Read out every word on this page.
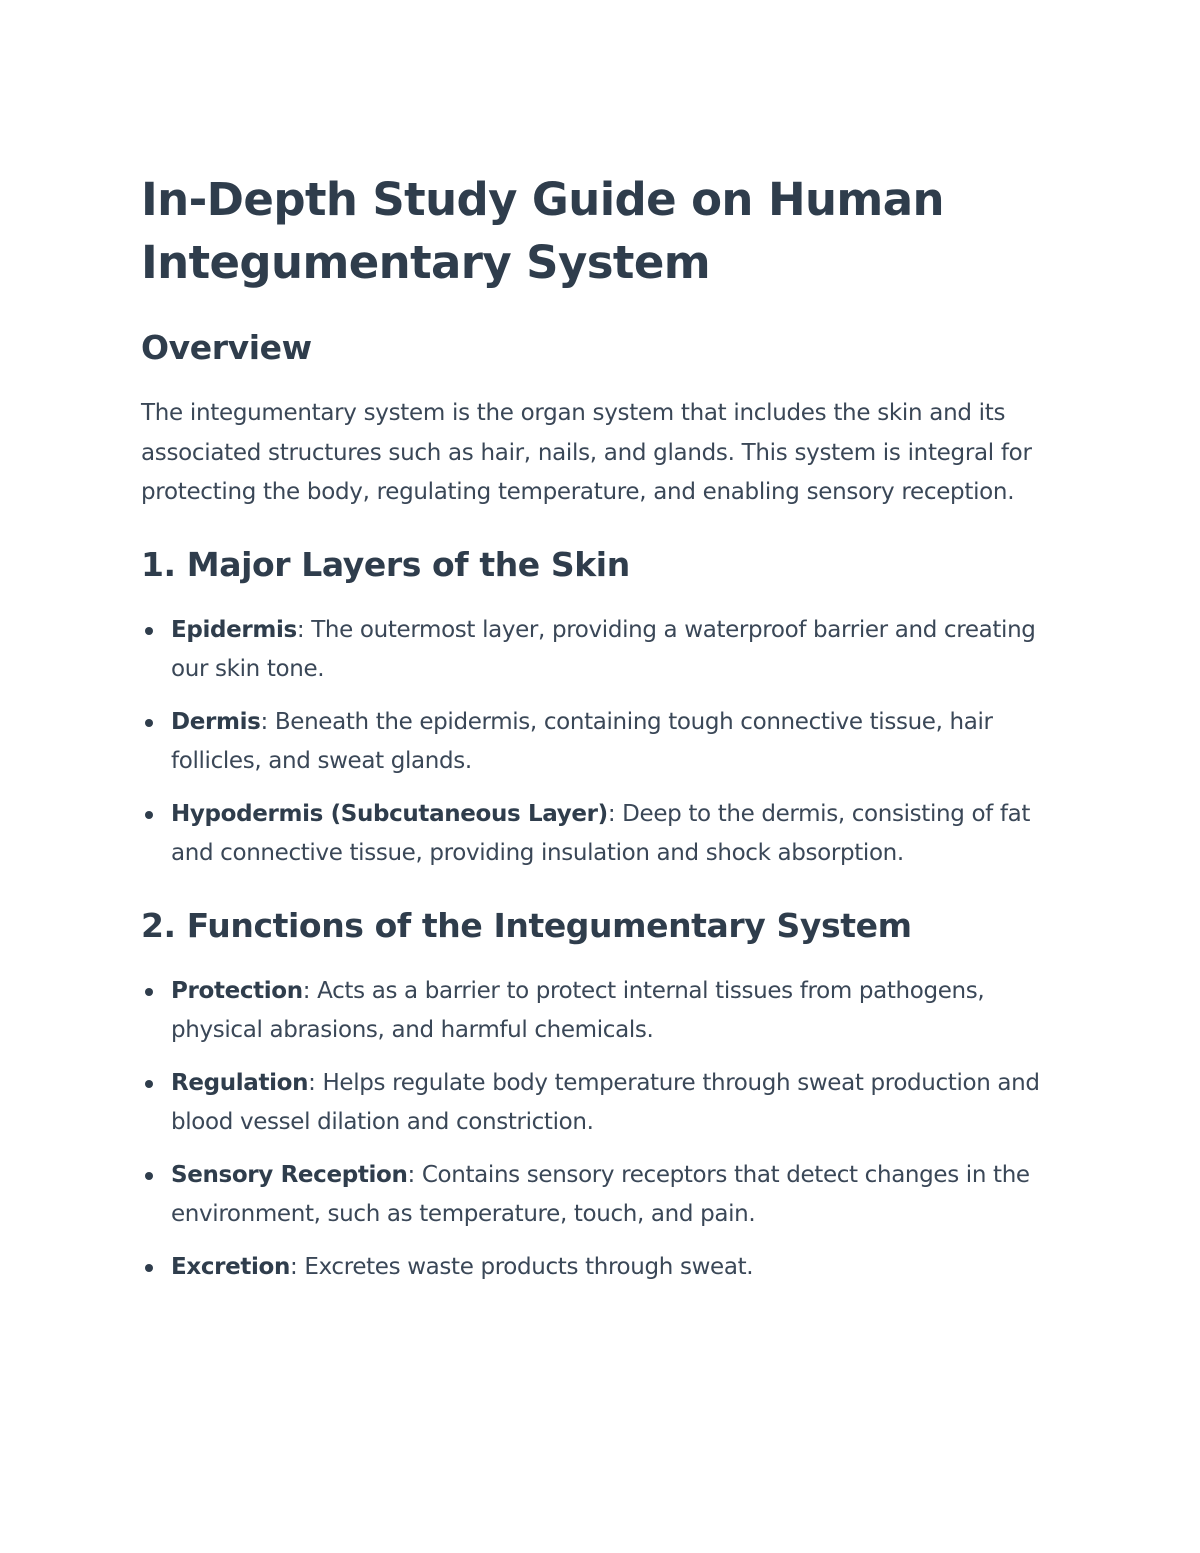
In-Depth Study Guide on Human
Integumentary System
Overview

The integumentary system is the organ system that includes the skin and its associated structures such as hair, nails, and glands. This system is integral for protecting the body, regulating temperature, and enabling sensory reception.

1. Major Layers of the Skin
Epidermis: The outermost layer, providing a waterproof barrier and creating our skin tone.
Dermis: Beneath the epidermis, containing tough connective tissue, hair follicles, and sweat glands.
Hypodermis (Subcutaneous Layer): Deep to the dermis, consisting of fat and connective tissue, providing insulation and shock absorption.
2. Functions of the Integumentary System
Protection: Acts as a barrier to protect internal tissues from pathogens, physical abrasions, and harmful chemicals.
Regulation: Helps regulate body temperature through sweat production and blood vessel dilation and constriction.
Sensory Reception: Contains sensory receptors that detect changes in the environment, such as temperature, touch, and pain.
Excretion: Excretes waste products through sweat.
